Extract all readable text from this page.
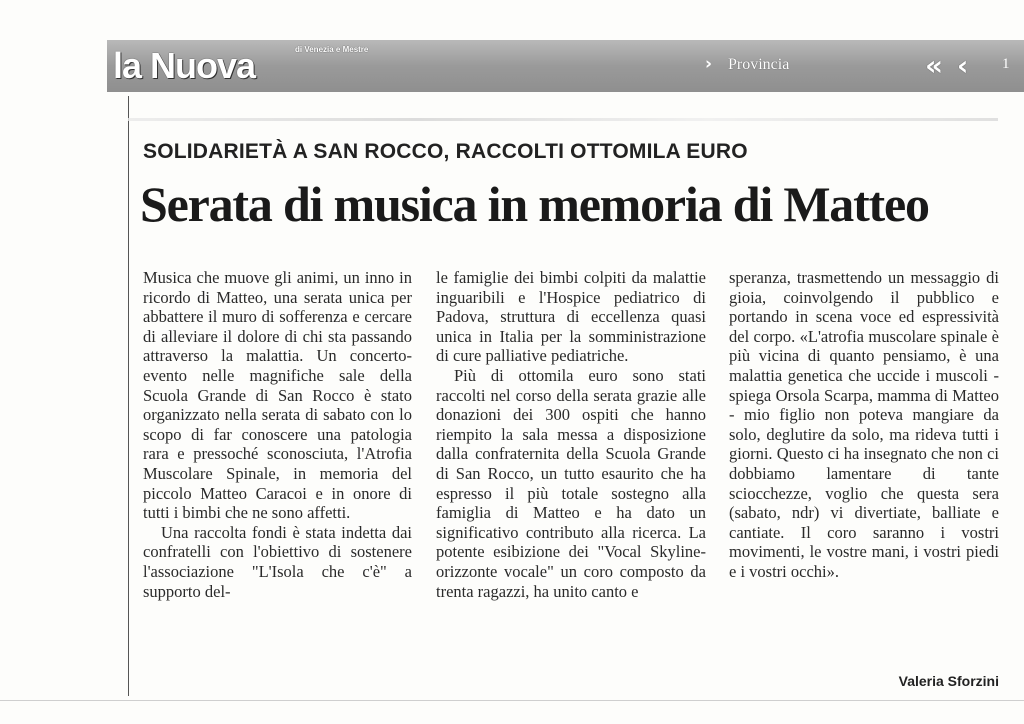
la Nuova	di Venezia e Mestre
› Provincia	« ‹ 1
SOLIDARIETÀ A SAN ROCCO, RACCOLTI OTTOMILA EURO
Serata di musica in memoria di Matteo

Musica che muove gli animi, un inno in ricordo di Matteo, una serata unica per abbattere il muro di sofferenza e cercare di alleviare il dolore di chi sta passando attraverso la malattia. Un concerto-evento nelle magnifiche sale della Scuola Grande di San Rocco è stato organizzato nella serata di sabato con lo scopo di far conoscere una patologia rara e pressoché sconosciuta, l'Atrofia Muscolare Spinale, in memoria del piccolo Matteo Caracoi e in onore di tutti i bimbi che ne sono affetti.

Una raccolta fondi è stata indetta dai confratelli con l'obiettivo di sostenere l'associazione "L'Isola che c'è" a supporto del-

le famiglie dei bimbi colpiti da malattie inguaribili e l'Hospice pediatrico di Padova, struttura di eccellenza quasi unica in Italia per la somministrazione di cure palliative pediatriche.

Più di ottomila euro sono stati raccolti nel corso della serata grazie alle donazioni dei 300 ospiti che hanno riempito la sala messa a disposizione dalla confraternita della Scuola Grande di San Rocco, un tutto esaurito che ha espresso il più totale sostegno alla famiglia di Matteo e ha dato un significativo contributo alla ricerca. La potente esibizione dei "Vocal Skyline-orizzonte vocale" un coro composto da trenta ragazzi, ha unito canto e

speranza, trasmettendo un messaggio di gioia, coinvolgendo il pubblico e portando in scena voce ed espressività del corpo. «L'atrofia muscolare spinale è più vicina di quanto pensiamo, è una malattia genetica che uccide i muscoli - spiega Orsola Scarpa, mamma di Matteo - mio figlio non poteva mangiare da solo, deglutire da solo, ma rideva tutti i giorni. Questo ci ha insegnato che non ci dobbiamo lamentare di tante sciocchezze, voglio che questa sera (sabato, ndr) vi divertiate, balliate e cantiate. Il coro saranno i vostri movimenti, le vostre mani, i vostri piedi e i vostri occhi».

Valeria Sforzini
